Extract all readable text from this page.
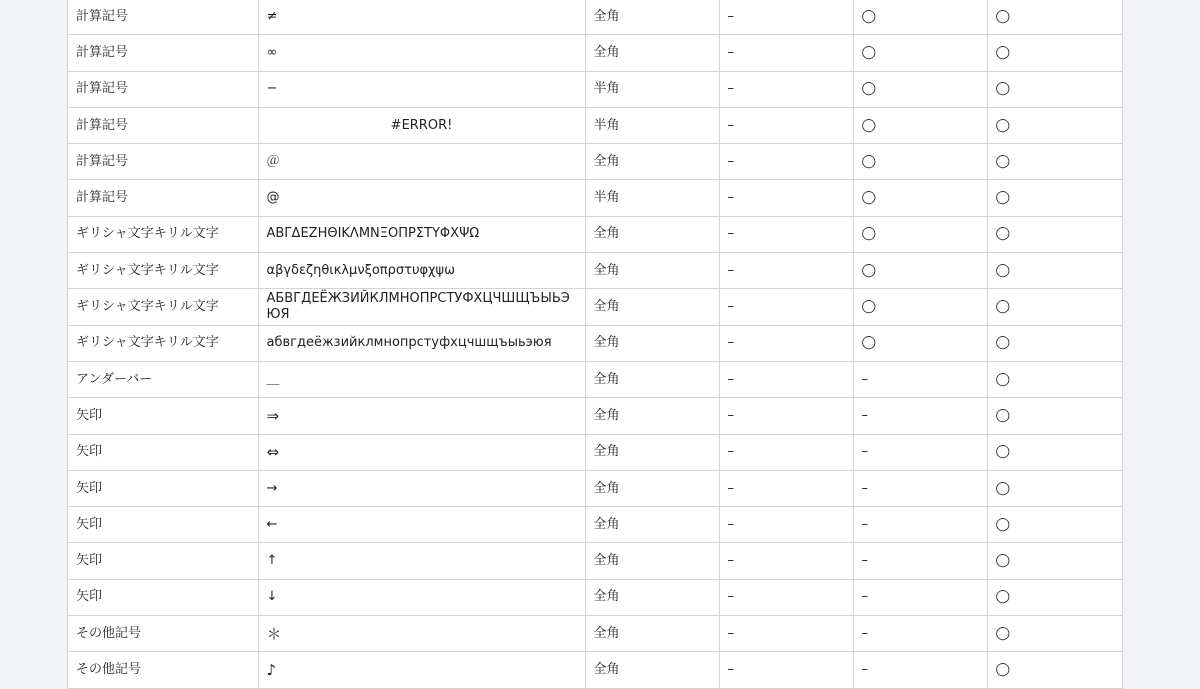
計算記号	≠	全角	–	◯	◯
計算記号	∞	全角	–	◯	◯
計算記号	−	半角	–	◯	◯
計算記号	#ERROR!	半角	–	◯	◯
計算記号	＠	全角	–	◯	◯
計算記号	@	半角	–	◯	◯
ギリシャ文字キリル文字	ΑΒΓΔΕΖΗΘΙΚΛΜΝΞΟΠΡΣΤΥΦΧΨΩ	全角	–	◯	◯
ギリシャ文字キリル文字	αβγδεζηθικλμνξοπρστυφχψω	全角	–	◯	◯
ギリシャ文字キリル文字	АБВГДЕЁЖЗИЙКЛМНОПРСТУФХЦЧШЩЪЫЬЭЮЯ	全角	–	◯	◯
ギリシャ文字キリル文字	абвгдеёжзийклмнопрстуфхцчшщъыьэюя	全角	–	◯	◯
アンダーバー	＿	全角	–	–	◯
矢印	⇒	全角	–	–	◯
矢印	⇔	全角	–	–	◯
矢印	→	全角	–	–	◯
矢印	←	全角	–	–	◯
矢印	↑	全角	–	–	◯
矢印	↓	全角	–	–	◯
その他記号	＊	全角	–	–	◯
その他記号	♪	全角	–	–	◯
